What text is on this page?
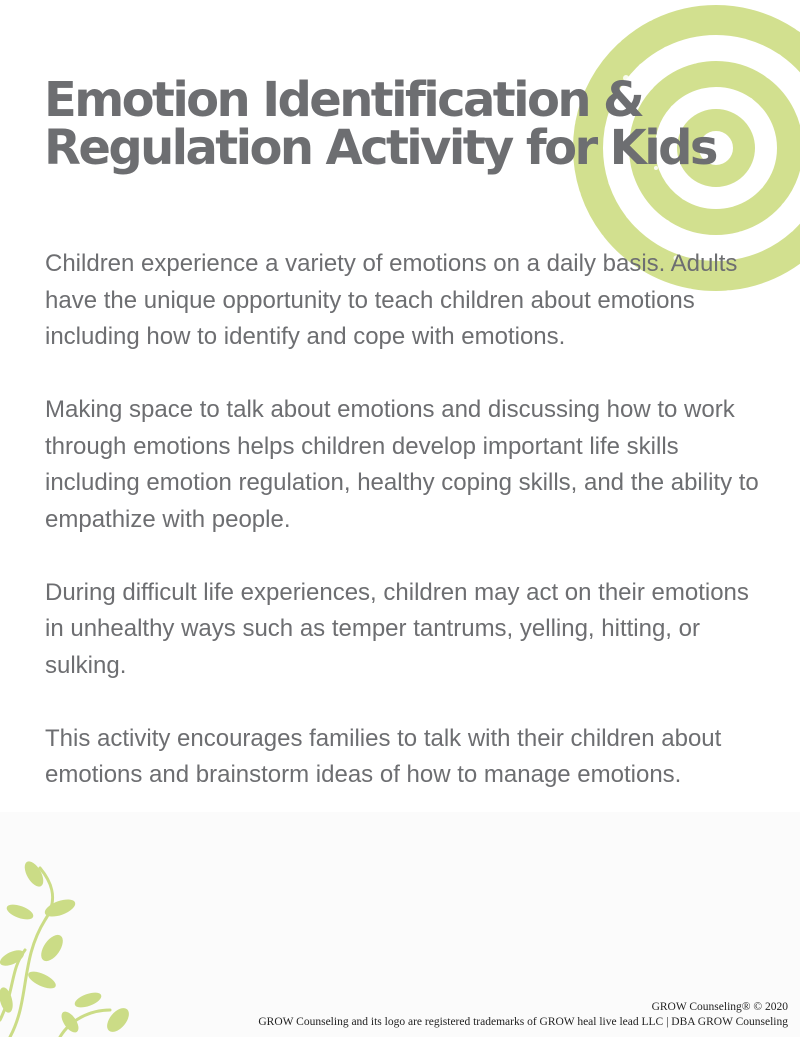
Emotion Identification &
Regulation Activity for Kids

Children experience a variety of emotions on a daily basis. Adults have the unique opportunity to teach children about emotions including how to identify and cope with emotions.

Making space to talk about emotions and discussing how to work through emotions helps children develop important life skills including emotion regulation, healthy coping skills, and the ability to empathize with people.

During difficult life experiences, children may act on their emotions in unhealthy ways such as temper tantrums, yelling, hitting, or sulking.

This activity encourages families to talk with their children about emotions and brainstorm ideas of how to manage emotions.

GROW Counseling® © 2020
GROW Counseling and its logo are registered trademarks of GROW heal live lead LLC | DBA GROW Counseling
